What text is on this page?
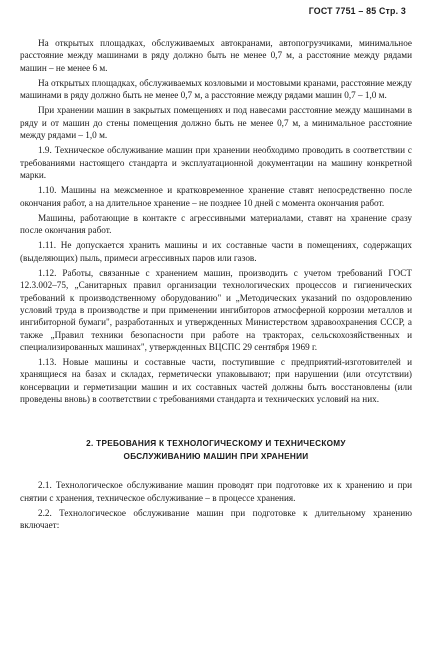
ГОСТ 7751 – 85 Стр. 3

На открытых площадках, обслуживаемых автокранами, автопогрузчиками, минимальное расстояние между машинами в ряду должно быть не менее 0,7 м, а расстояние между рядами машин – не менее 6 м.

На открытых площадках, обслуживаемых козловыми и мостовыми кранами, расстояние между машинами в ряду должно быть не менее 0,7 м, а расстояние между рядами машин 0,7 – 1,0 м.

При хранении машин в закрытых помещениях и под навесами расстояние между машинами в ряду и от машин до стены помещения должно быть не менее 0,7 м, а минимальное расстояние между рядами – 1,0 м.

1.9. Техническое обслуживание машин при хранении необходимо проводить в соответствии с требованиями настоящего стандарта и эксплуатационной документации на машину конкретной марки.

1.10. Машины на межсменное и кратковременное хранение ставят непосредственно после окончания работ, а на длительное хранение – не позднее 10 дней с момента окончания работ.

Машины, работающие в контакте с агрессивными материалами, ставят на хранение сразу после окончания работ.

1.11. Не допускается хранить машины и их составные части в помещениях, содержащих (выделяющих) пыль, примеси агрессивных паров или газов.

1.12. Работы, связанные с хранением машин, производить с учетом требований ГОСТ 12.3.002–75, „Санитарных правил организации технологических процессов и гигиенических требований к производственному оборудованию" и „Методических указаний по оздоровлению условий труда в производстве и при применении ингибиторов атмосферной коррозии металлов и ингибиторной бумаги", разработанных и утвержденных Министерством здравоохранения СССР, а также „Правил техники безопасности при работе на тракторах, сельскохозяйственных и специализированных машинах", утвержденных ВЦСПС 29 сентября 1969 г.

1.13. Новые машины и составные части, поступившие с предприятий-изготовителей и хранящиеся на базах и складах, герметически упаковывают; при нарушении (или отсутствии) консервации и герметизации машин и их составных частей должны быть восстановлены (или проведены вновь) в соответствии с требованиями стандарта и технических условий на них.

2. ТРЕБОВАНИЯ К ТЕХНОЛОГИЧЕСКОМУ И ТЕХНИЧЕСКОМУ
ОБСЛУЖИВАНИЮ МАШИН ПРИ ХРАНЕНИИ

2.1. Технологическое обслуживание машин проводят при подготовке их к хранению и при снятии с хранения, техническое обслуживание – в процессе хранения.

2.2. Технологическое обслуживание машин при подготовке к длительному хранению включает:
